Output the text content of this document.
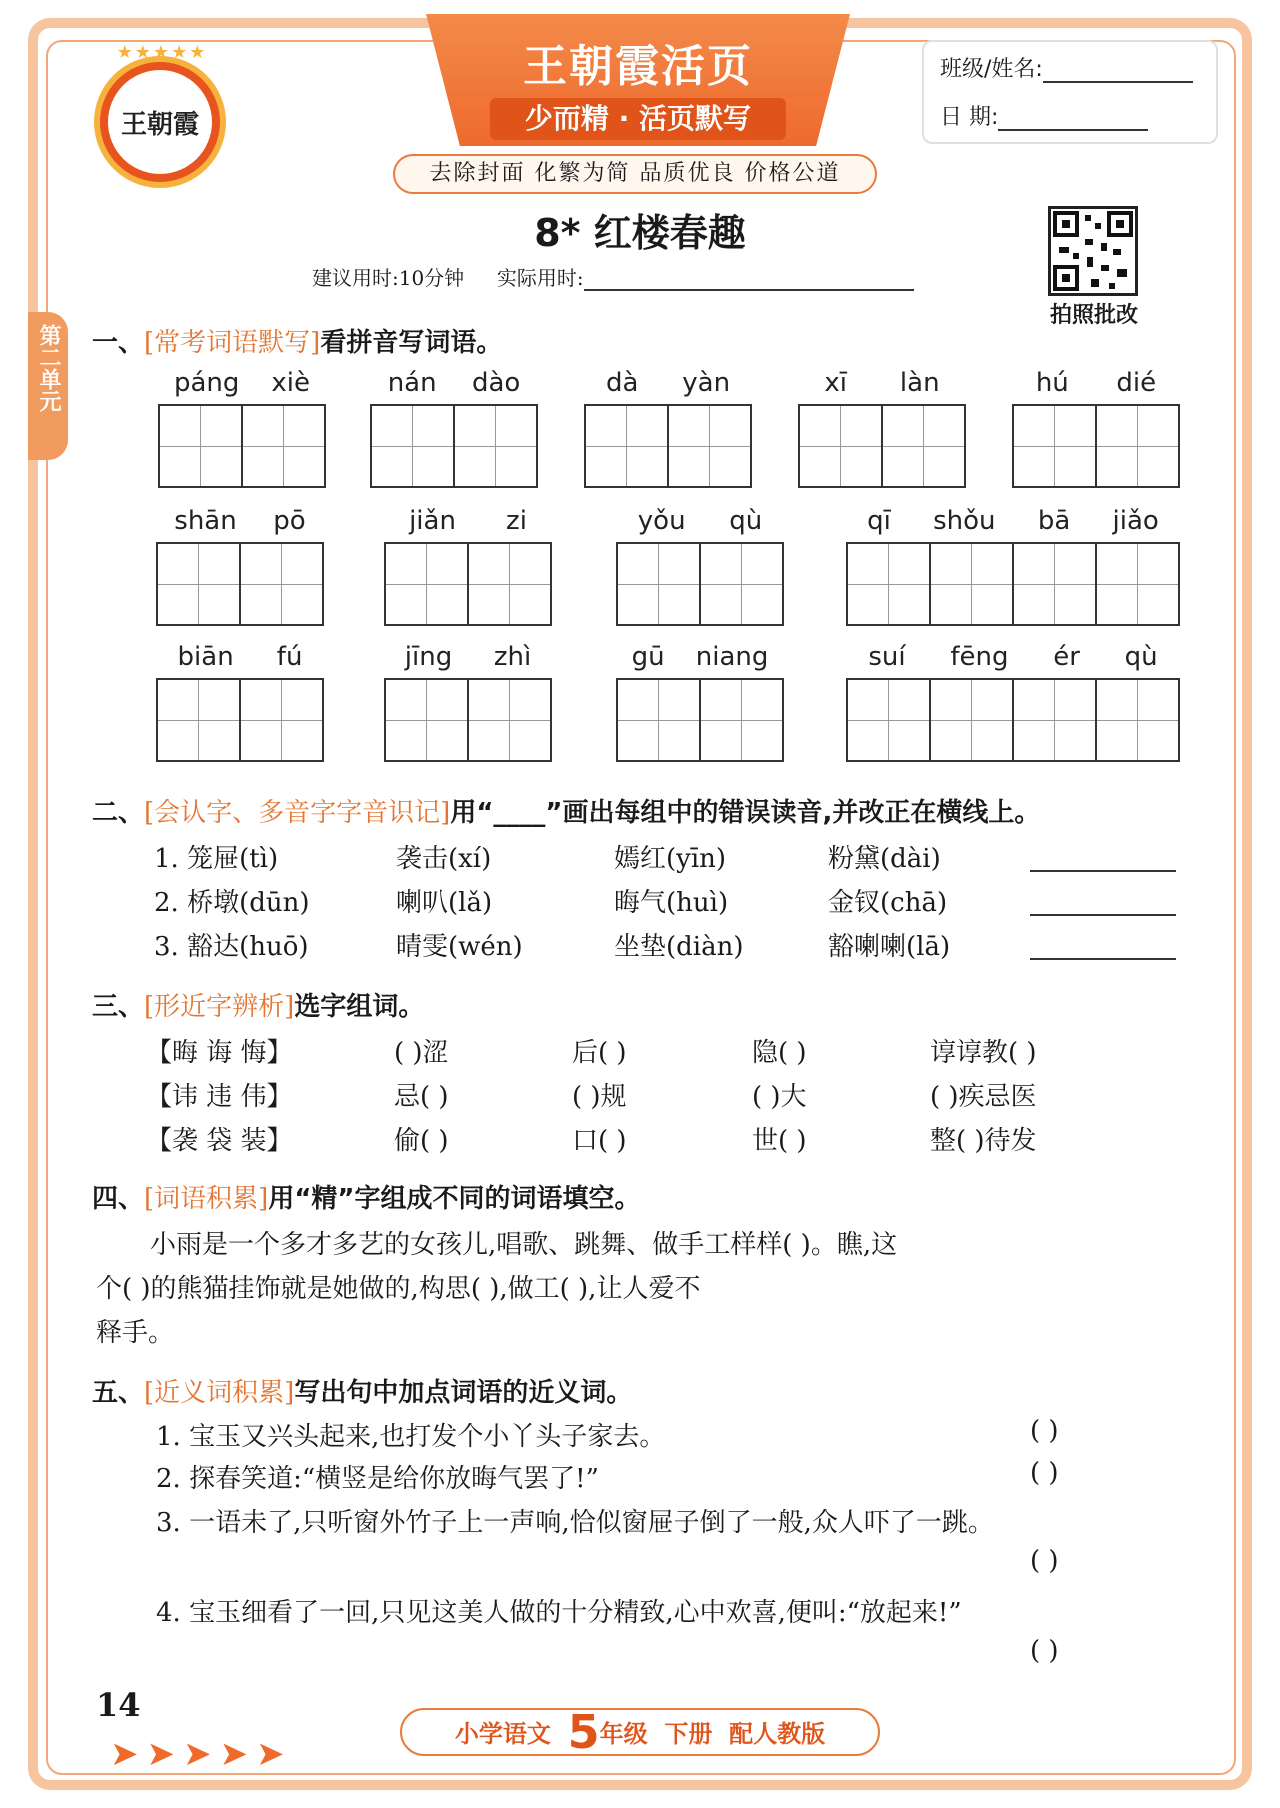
★★★★★
王朝霞
王朝霞活页
少而精 · 活页默写
去除封面 化繁为简 品质优良 价格公道
班级/姓名:
日 期:
8* 红楼春趣
建议用时:10分钟 实际用时:
拍照批改
第二单元 一、[常考词语默写]看拼音写词语。
páng xiè	nán dào	dà yàn	xī làn	hú dié
shān pō	jiǎn zi	yǒu qù	qī shǒu bā jiǎo
biān fú	jīng zhì	gū niang	suí fēng ér qù
二、[会认字、多音字字音识记]用“____”画出每组中的错误读音,并改正在横线上。
1. 笼屉(tì)	袭击(xí)	嫣红(yīn)	粉黛(dài)
2. 桥墩(dūn)	喇叭(lǎ)	晦气(huì)	金钗(chā)
3. 豁达(huō)	晴雯(wén)	坐垫(diàn)	豁喇喇(lā)
三、[形近字辨析]选字组词。
【晦 诲 悔】	( )涩	后( )	隐( )	谆谆教( )
【讳 违 伟】	忌( )	( )规	( )大	( )疾忌医
【袭 袋 装】	偷( )	口( )	世( )	整( )待发
四、[词语积累]用“精”字组成不同的词语填空。
小雨是一个多才多艺的女孩儿,唱歌、跳舞、做手工样样( )。瞧,这
个( )的熊猫挂饰就是她做的,构思( ),做工( ),让人爱不
释手。
五、[近义词积累]写出句中加点词语的近义词。
1. 宝玉又兴头起来,也打发个小丫头子家去。	( )
2. 探春笑道:“横竖是给你放晦气罢了!”	( )
3. 一语未了,只听窗外竹子上一声响,恰似窗屉子倒了一般,众人吓了一跳。
( )
4. 宝玉细看了一回,只见这美人做的十分精致,心中欢喜,便叫:“放起来!”
( )
14
小学语文 5年级 下册 配人教版
➤➤➤➤➤
